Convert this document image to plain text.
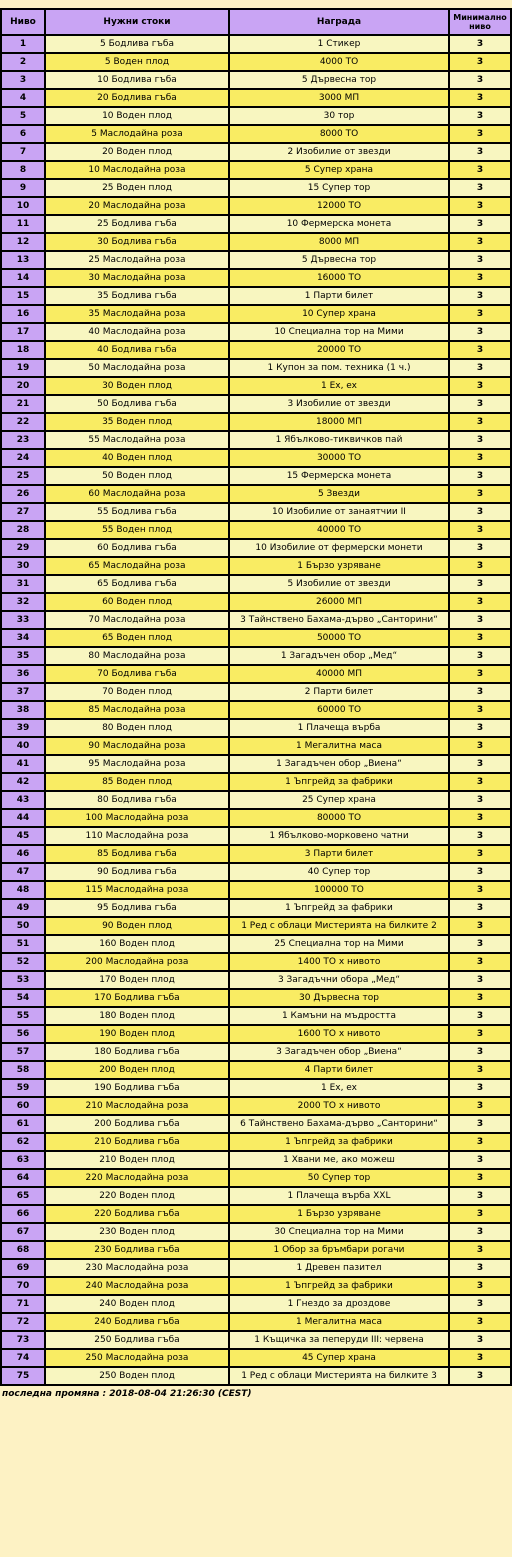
Ниво	Нужни стоки	Награда	Минимално ниво
1	5 Бодлива гъба	1 Стикер	3
2	5 Воден плод	4000 TO	3
3	10 Бодлива гъба	5 Дървесна тор	3
4	20 Бодлива гъба	3000 МП	3
5	10 Воден плод	30 тор	3
6	5 Маслодайна роза	8000 TO	3
7	20 Воден плод	2 Изобилие от звезди	3
8	10 Маслодайна роза	5 Супер храна	3
9	25 Воден плод	15 Супер тор	3
10	20 Маслодайна роза	12000 TO	3
11	25 Бодлива гъба	10 Фермерска монета	3
12	30 Бодлива гъба	8000 МП	3
13	25 Маслодайна роза	5 Дървесна тор	3
14	30 Маслодайна роза	16000 TO	3
15	35 Бодлива гъба	1 Парти билет	3
16	35 Маслодайна роза	10 Супер храна	3
17	40 Маслодайна роза	10 Специална тор на Мими	3
18	40 Бодлива гъба	20000 TO	3
19	50 Маслодайна роза	1 Купон за пом. техника (1 ч.)	3
20	30 Воден плод	1 Ex, ex	3
21	50 Бодлива гъба	3 Изобилие от звезди	3
22	35 Воден плод	18000 МП	3
23	55 Маслодайна роза	1 Ябълково-тиквичков пай	3
24	40 Воден плод	30000 TO	3
25	50 Воден плод	15 Фермерска монета	3
26	60 Маслодайна роза	5 Звезди	3
27	55 Бодлива гъба	10 Изобилие от занаятчии II	3
28	55 Воден плод	40000 TO	3
29	60 Бодлива гъба	10 Изобилие от фермерски монети	3
30	65 Маслодайна роза	1 Бързо узряване	3
31	65 Бодлива гъба	5 Изобилие от звезди	3
32	60 Воден плод	26000 МП	3
33	70 Маслодайна роза	3 Тайнствено Бахама-дърво „Санторини“	3
34	65 Воден плод	50000 TO	3
35	80 Маслодайна роза	1 Загадъчен обор „Мед“	3
36	70 Бодлива гъба	40000 МП	3
37	70 Воден плод	2 Парти билет	3
38	85 Маслодайна роза	60000 TO	3
39	80 Воден плод	1 Плачеща върба	3
40	90 Маслодайна роза	1 Мегалитна маса	3
41	95 Маслодайна роза	1 Загадъчен обор „Виена“	3
42	85 Воден плод	1 Ъпгрейд за фабрики	3
43	80 Бодлива гъба	25 Супер храна	3
44	100 Маслодайна роза	80000 TO	3
45	110 Маслодайна роза	1 Ябълково-морковено чатни	3
46	85 Бодлива гъба	3 Парти билет	3
47	90 Бодлива гъба	40 Супер тор	3
48	115 Маслодайна роза	100000 TO	3
49	95 Бодлива гъба	1 Ъпгрейд за фабрики	3
50	90 Воден плод	1 Ред с облаци Мистерията на билките 2	3
51	160 Воден плод	25 Специална тор на Мими	3
52	200 Маслодайна роза	1400 TO x нивото	3
53	170 Воден плод	3 Загадъчни обора „Мед“	3
54	170 Бодлива гъба	30 Дървесна тор	3
55	180 Воден плод	1 Камъни на мъдростта	3
56	190 Воден плод	1600 TO x нивото	3
57	180 Бодлива гъба	3 Загадъчен обор „Виена“	3
58	200 Воден плод	4 Парти билет	3
59	190 Бодлива гъба	1 Ex, ex	3
60	210 Маслодайна роза	2000 TO x нивото	3
61	200 Бодлива гъба	6 Тайнствено Бахама-дърво „Санторини“	3
62	210 Бодлива гъба	1 Ъпгрейд за фабрики	3
63	210 Воден плод	1 Хвани ме, ако можеш	3
64	220 Маслодайна роза	50 Супер тор	3
65	220 Воден плод	1 Плачеща върба XXL	3
66	220 Бодлива гъба	1 Бързо узряване	3
67	230 Воден плод	30 Специална тор на Мими	3
68	230 Бодлива гъба	1 Обор за бръмбари рогачи	3
69	230 Маслодайна роза	1 Древен пазител	3
70	240 Маслодайна роза	1 Ъпгрейд за фабрики	3
71	240 Воден плод	1 Гнездо за дроздове	3
72	240 Бодлива гъба	1 Мегалитна маса	3
73	250 Бодлива гъба	1 Къщичка за пеперуди III: червена	3
74	250 Маслодайна роза	45 Супер храна	3
75	250 Воден плод	1 Ред с облаци Мистерията на билките 3	3
последна промяна : 2018-08-04 21:26:30 (CEST)
